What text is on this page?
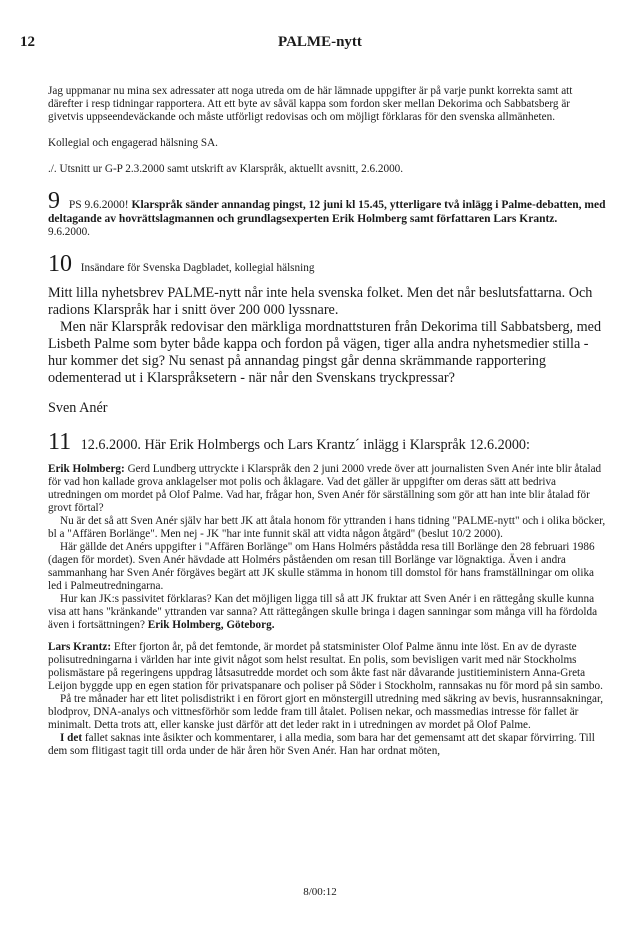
12	PALME-nytt

Jag uppmanar nu mina sex adressater att noga utreda om de här lämnade uppgifter är på varje punkt korrekta samt att därefter i resp tidningar rapportera. Att ett byte av såväl kappa som fordon sker mellan Dekorima och Sabbatsberg är givetvis uppseendeväckande och måste utförligt redovisas och om möjligt förklaras för den svenska allmänheten.

Kollegial och engagerad hälsning SA.

./. Utsnitt ur G-P 2.3.2000 samt utskrift av Klarspråk, aktuellt avsnitt, 2.6.2000.

9 PS 9.6.2000! Klarspråk sänder annandag pingst, 12 juni kl 15.45, ytterligare två inlägg i Palme-debatten, med deltagande av hovrättslagmannen och grundlagsexperten Erik Holmberg samt författaren Lars Krantz.

9.6.2000.

10 Insändare för Svenska Dagbladet, kollegial hälsning

Mitt lilla nyhetsbrev PALME-nytt når inte hela svenska folket. Men det når beslutsfattarna. Och radions Klarspråk har i snitt över 200 000 lyssnare.

Men när Klarspråk redovisar den märkliga mordnattsturen från Dekorima till Sabbatsberg, med Lisbeth Palme som byter både kappa och fordon på vägen, tiger alla andra nyhetsmedier stilla - hur kommer det sig? Nu senast på annandag pingst går denna skrämmande rapportering odementerad ut i Klarspråksetern - när når den Svenskans tryckpressar?

Sven Anér

11 12.6.2000. Här Erik Holmbergs och Lars Krantz´ inlägg i Klarspråk 12.6.2000:

Erik Holmberg: Gerd Lundberg uttryckte i Klarspråk den 2 juni 2000 vrede över att journalisten Sven Anér inte blir åtalad för vad hon kallade grova anklagelser mot polis och åklagare. Vad det gäller är uppgifter om deras sätt att bedriva utredningen om mordet på Olof Palme. Vad har, frågar hon, Sven Anér för särställning som gör att han inte blir åtalad för grovt förtal?

Nu är det så att Sven Anér själv har bett JK att åtala honom för yttranden i hans tidning "PALME-nytt" och i olika böcker, bl a "Affären Borlänge". Men nej - JK "har inte funnit skäl att vidta någon åtgärd" (beslut 10/2 2000).

Här gällde det Anérs uppgifter i "Affären Borlänge" om Hans Holmérs påstådda resa till Borlänge den 28 februari 1986 (dagen för mordet). Sven Anér hävdade att Holmérs påståenden om resan till Borlänge var lögnaktiga. Även i andra sammanhang har Sven Anér förgäves begärt att JK skulle stämma in honom till domstol för hans framställningar om olika led i Palmeutredningarna.

Hur kan JK:s passivitet förklaras? Kan det möjligen ligga till så att JK fruktar att Sven Anér i en rättegång skulle kunna visa att hans "kränkande" yttranden var sanna? Att rättegången skulle bringa i dagen sanningar som många vill ha fördolda även i fortsättningen? Erik Holmberg, Göteborg.

Lars Krantz: Efter fjorton år, på det femtonde, är mordet på statsminister Olof Palme ännu inte löst. En av de dyraste polisutredningarna i världen har inte givit något som helst resultat. En polis, som bevisligen varit med när Stockholms polismästare på regeringens uppdrag låtsasutredde mordet och som åkte fast när dåvarande justitieministern Anna-Greta Leijon byggde upp en egen station för privatspanare och poliser på Söder i Stockholm, rannsakas nu för mord på sin sambo.

På tre månader har ett litet polisdistrikt i en förort gjort en mönstergill utredning med säkring av bevis, husrannsakningar, blodprov, DNA-analys och vittnesförhör som ledde fram till åtalet. Polisen nekar, och massmedias intresse för fallet är minimalt. Detta trots att, eller kanske just därför att det leder rakt in i utredningen av mordet på Olof Palme.

I det fallet saknas inte åsikter och kommentarer, i alla media, som bara har det gemensamt att det skapar förvirring. Till dem som flitigast tagit till orda under de här åren hör Sven Anér. Han har ordnat möten,

8/00:12
